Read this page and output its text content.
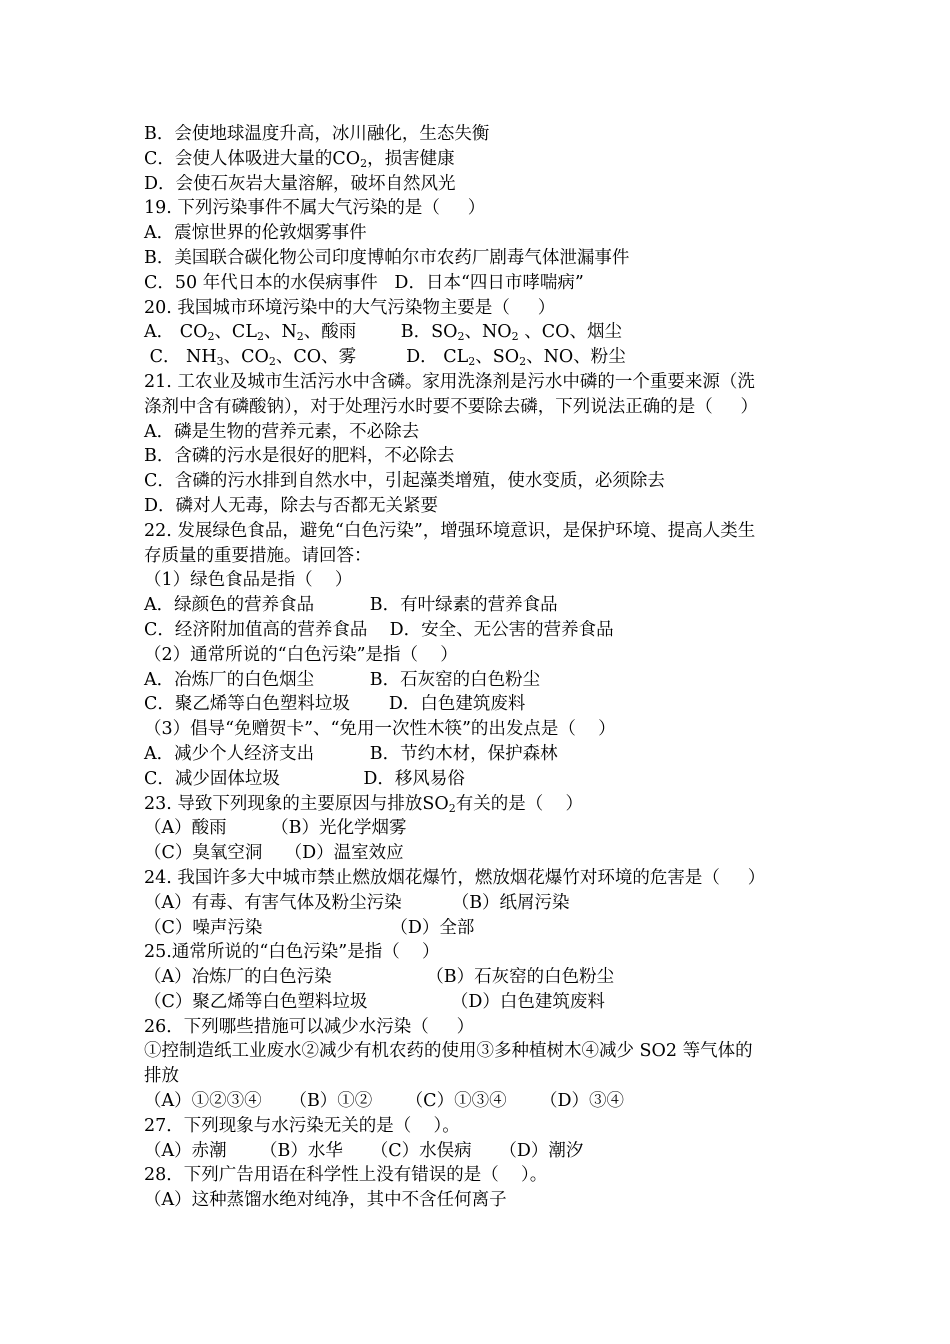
B．会使地球温度升高，冰川融化，生态失衡
C．会使人体吸进大量的$CO_2$，损害健康
D．会使石灰岩大量溶解，破坏自然风光
19. 下列污染事件不属大气污染的是（     ）
A．震惊世界的伦敦烟雾事件
B．美国联合碳化物公司印度博帕尔市农药厂剧毒气体泄漏事件
C．50 年代日本的水俣病事件   D．日本“四日市哮喘病”
20. 我国城市环境污染中的大气污染物主要是（     ）
A． $CO_2$、$CL_2$、$N_2$、酸雨        B．$SO_2$、$NO_2$ 、CO、烟尘
C． $NH_3$、$CO_2$、CO、雾         D． $CL_2$、$SO_2$、NO、粉尘
21. 工农业及城市生活污水中含磷。家用洗涤剂是污水中磷的一个重要来源（洗
涤剂中含有磷酸钠），对于处理污水时要不要除去磷，下列说法正确的是（     ）
A．磷是生物的营养元素，不必除去
B．含磷的污水是很好的肥料，不必除去
C．含磷的污水排到自然水中，引起藻类增殖，使水变质，必须除去
D．磷对人无毒，除去与否都无关紧要
22. 发展绿色食品，避免“白色污染”，增强环境意识，是保护环境、提高人类生
存质量的重要措施。请回答：
（1）绿色食品是指（    ）
A．绿颜色的营养食品          B．有叶绿素的营养食品
C．经济附加值高的营养食品    D．安全、无公害的营养食品
（2）通常所说的“白色污染”是指（    ）
A．冶炼厂的白色烟尘          B．石灰窑的白色粉尘
C．聚乙烯等白色塑料垃圾       D．白色建筑废料
（3）倡导“免赠贺卡”、“免用一次性木筷”的出发点是（    ）
A．减少个人经济支出          B．节约木材，保护森林
C．减少固体垃圾               D．移风易俗
23. 导致下列现象的主要原因与排放$SO_2$有关的是（    ）
（A）酸雨        （B）光化学烟雾
（C）臭氧空洞    （D）温室效应
24. 我国许多大中城市禁止燃放烟花爆竹，燃放烟花爆竹对环境的危害是（     ）
（A）有毒、有害气体及粉尘污染         （B）纸屑污染
（C）噪声污染                       （D）全部
25.通常所说的“白色污染”是指（    ）
（A）冶炼厂的白色污染                 （B）石灰窑的白色粉尘
（C）聚乙烯等白色塑料垃圾               （D）白色建筑废料
26．下列哪些措施可以减少水污染（     ）
①控制造纸工业废水②减少有机农药的使用③多种植树木④减少 SO2 等气体的
排放
（A）①②③④     （B）①②      （C）①③④      （D）③④
27．下列现象与水污染无关的是（    ）。
（A）赤潮      （B）水华     （C）水俣病     （D）潮汐
28．下列广告用语在科学性上没有错误的是（    ）。
（A）这种蒸馏水绝对纯净，其中不含任何离子
